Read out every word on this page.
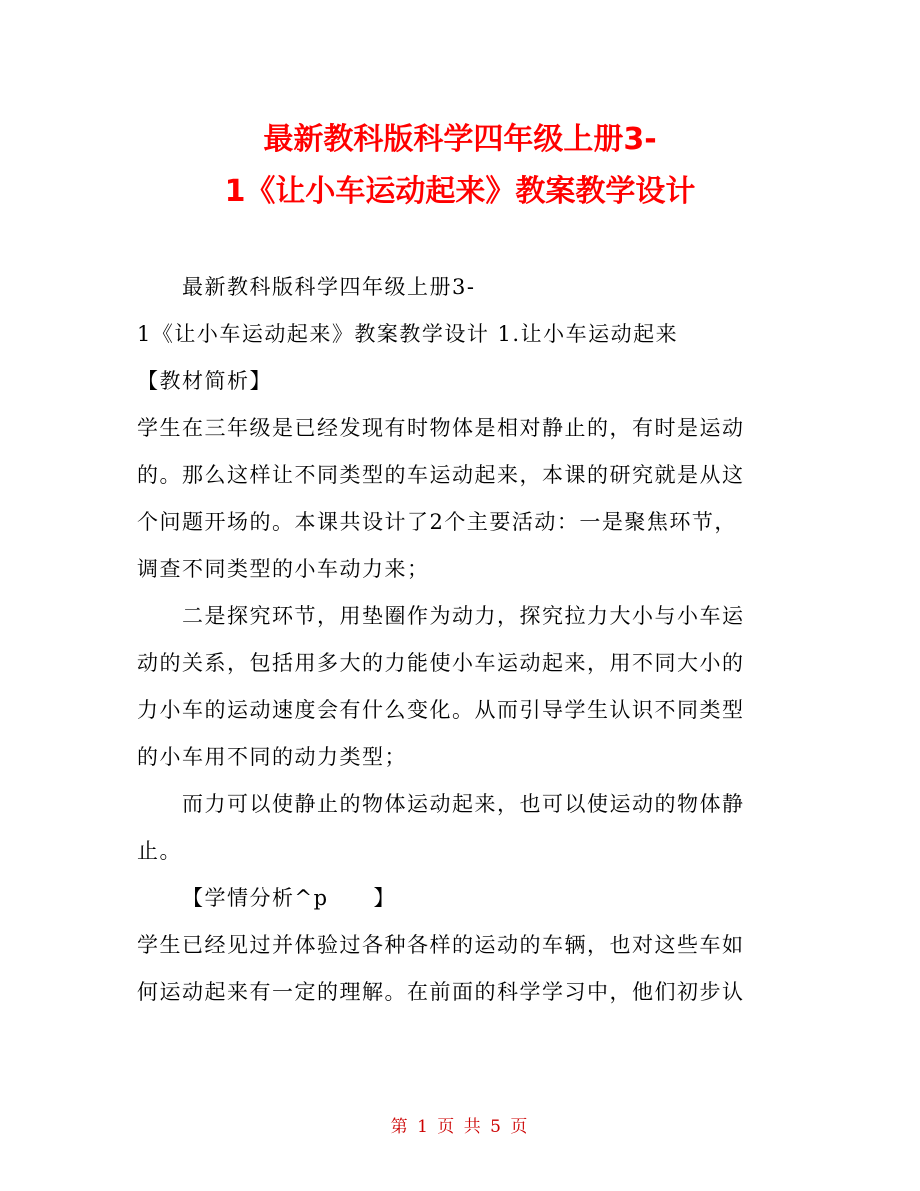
最新教科版科学四年级上册3-
1《让小车运动起来》教案教学设计
最新教科版科学四年级上册3-
1《让小车运动起来》教案教学设计 1.让小车运动起来
【教材简析】
学生在三年级是已经发现有时物体是相对静止的，有时是运动
的。那么这样让不同类型的车运动起来，本课的研究就是从这
个问题开场的。本课共设计了2个主要活动：一是聚焦环节，
调查不同类型的小车动力来；
二是探究环节，用垫圈作为动力，探究拉力大小与小车运
动的关系，包括用多大的力能使小车运动起来，用不同大小的
力小车的运动速度会有什么变化。从而引导学生认识不同类型
的小车用不同的动力类型；
而力可以使静止的物体运动起来，也可以使运动的物体静
止。
【学情分析^p　　】
学生已经见过并体验过各种各样的运动的车辆，也对这些车如
何运动起来有一定的理解。在前面的科学学习中，他们初步认
第 1 页 共 5 页
